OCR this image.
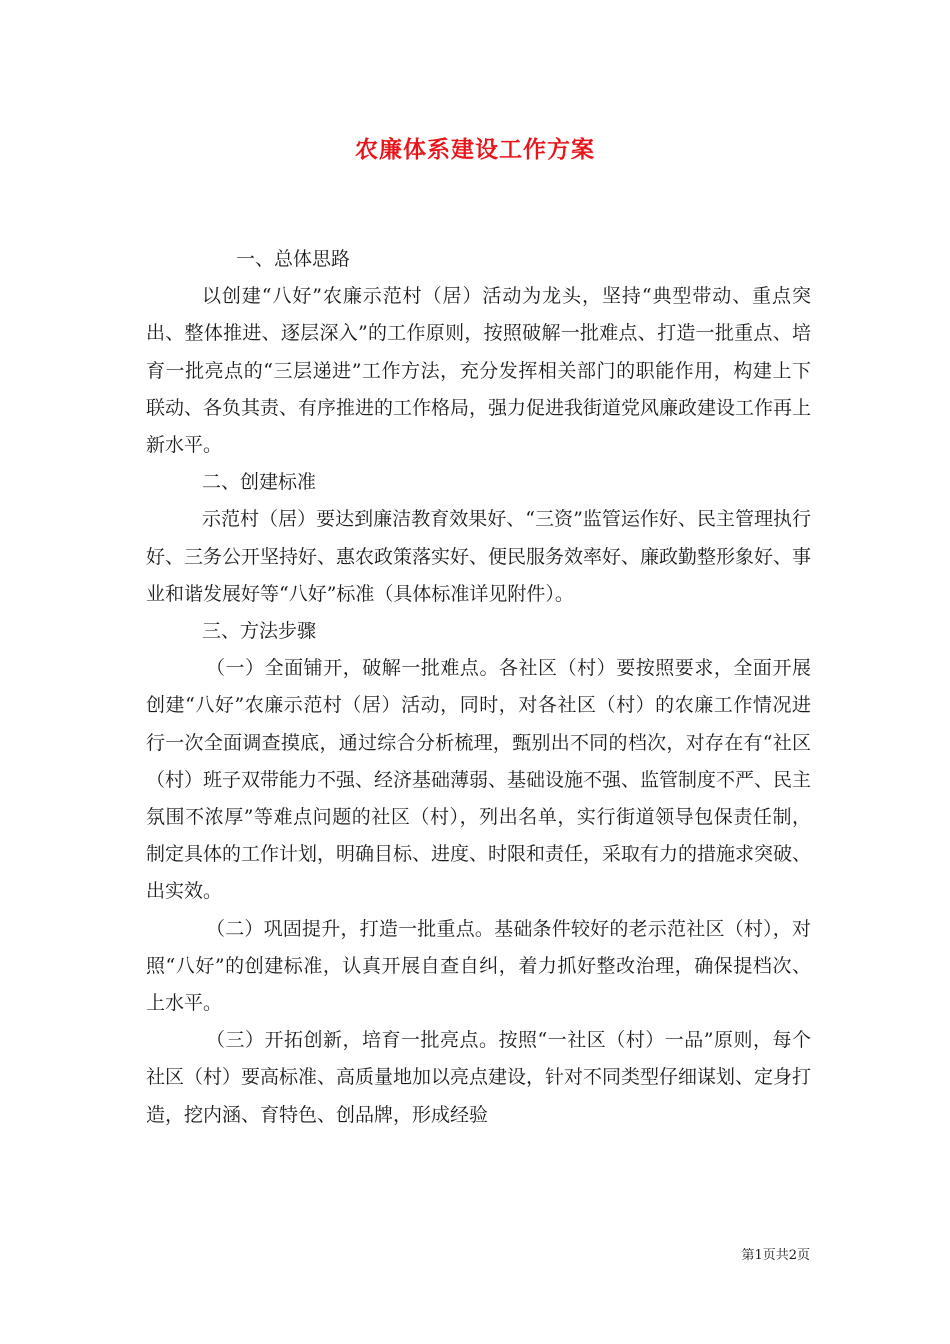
农廉体系建设工作方案

一、总体思路

以创建“八好”农廉示范村（居）活动为龙头，坚持“典型带动、重点突出、整体推进、逐层深入”的工作原则，按照破解一批难点、打造一批重点、培育一批亮点的“三层递进”工作方法，充分发挥相关部门的职能作用，构建上下联动、各负其责、有序推进的工作格局，强力促进我街道党风廉政建设工作再上新水平。

二、创建标准

示范村（居）要达到廉洁教育效果好、“三资”监管运作好、民主管理执行好、三务公开坚持好、惠农政策落实好、便民服务效率好、廉政勤整形象好、事业和谐发展好等“八好”标准（具体标准详见附件）。

三、方法步骤

（一）全面铺开，破解一批难点。各社区（村）要按照要求，全面开展创建“八好”农廉示范村（居）活动，同时，对各社区（村）的农廉工作情况进行一次全面调查摸底，通过综合分析梳理，甄别出不同的档次，对存在有“社区（村）班子双带能力不强、经济基础薄弱、基础设施不强、监管制度不严、民主氛围不浓厚”等难点问题的社区（村），列出名单，实行街道领导包保责任制，制定具体的工作计划，明确目标、进度、时限和责任，采取有力的措施求突破、出实效。

（二）巩固提升，打造一批重点。基础条件较好的老示范社区（村），对照“八好”的创建标准，认真开展自查自纠，着力抓好整改治理，确保提档次、上水平。

（三）开拓创新，培育一批亮点。按照“一社区（村）一品”原则，每个社区（村）要高标准、高质量地加以亮点建设，针对不同类型仔细谋划、定身打造，挖内涵、育特色、创品牌，形成经验

第1页共2页
